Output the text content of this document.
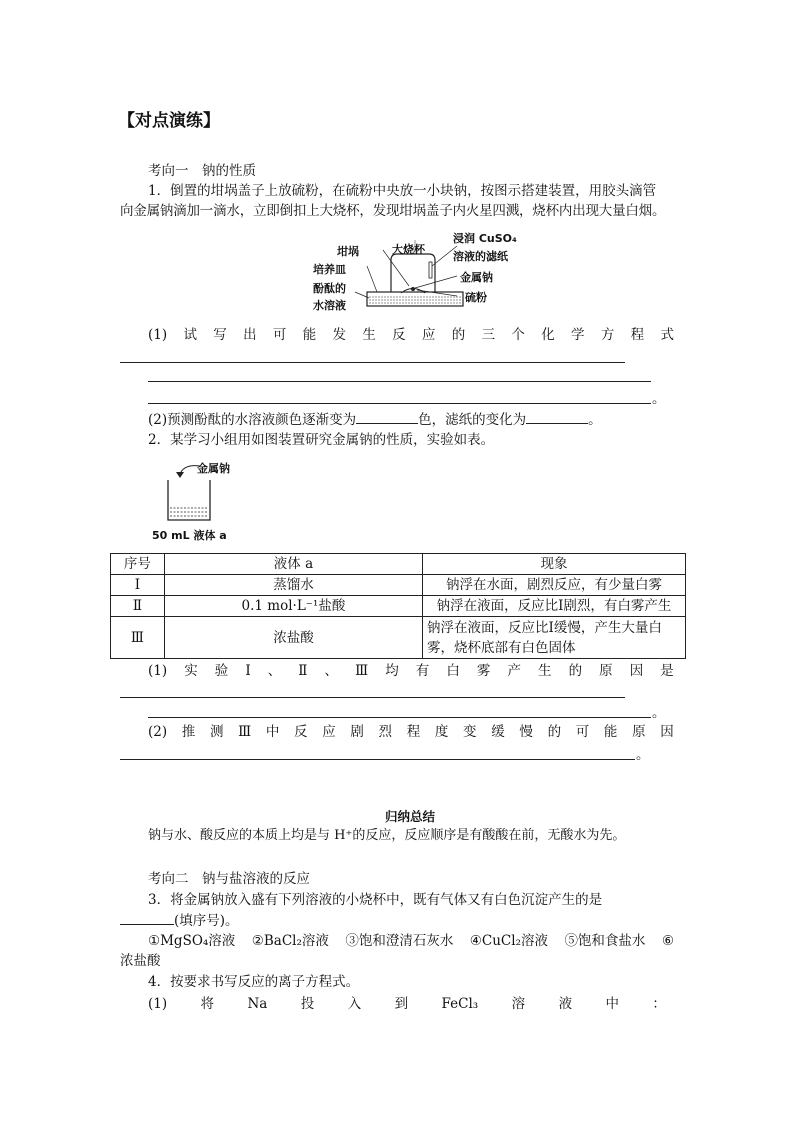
【对点演练】
考向一　钠的性质
1．倒置的坩埚盖子上放硫粉，在硫粉中央放一小块钠，按图示搭建装置，用胶头滴管
向金属钠滴加一滴水，立即倒扣上大烧杯，发现坩埚盖子内火星四溅，烧杯内出现大量白烟。
坩埚	大烧杯
培养皿
酚酞的
水溶液
浸润 CuSO₄
溶液的滤纸
金属钠
硫粉
(1) 试 写 出 可 能 发 生 反 应 的 三 个 化 学 方 程 式
。
(2)预测酚酞的水溶液颜色逐渐变为	色，滤纸的变化为	。
2．某学习小组用如图装置研究金属钠的性质，实验如表。
金属钠
50 mL 液体 a
序号	液体 a	现象
Ⅰ	蒸馏水	钠浮在水面，剧烈反应，有少量白雾
Ⅱ	0.1 mol·L⁻¹盐酸	钠浮在液面，反应比Ⅰ剧烈，有白雾产生
Ⅲ	浓盐酸	钠浮在液面，反应比Ⅰ缓慢，产生大量白雾，烧杯底部有白色固体
(1) 实 验 Ⅰ 、 Ⅱ 、 Ⅲ 均 有 白 雾 产 生 的 原 因 是
。
(2) 推 测 Ⅲ 中 反 应 剧 烈 程 度 变 缓 慢 的 可 能 原 因
。
归纳总结
钠与水、酸反应的本质上均是与 H⁺的反应，反应顺序是有酸酸在前，无酸水为先。
考向二　钠与盐溶液的反应
3．将金属钠放入盛有下列溶液的小烧杯中，既有气体又有白色沉淀产生的是
(填序号)。
①MgSO₄溶液 ②BaCl₂溶液 ③饱和澄清石灰水 ④CuCl₂溶液 ⑤饱和食盐水 ⑥
浓盐酸
4．按要求书写反应的离子方程式。
(1) 将 Na 投 入 到 FeCl₃ 溶 液 中 ：
